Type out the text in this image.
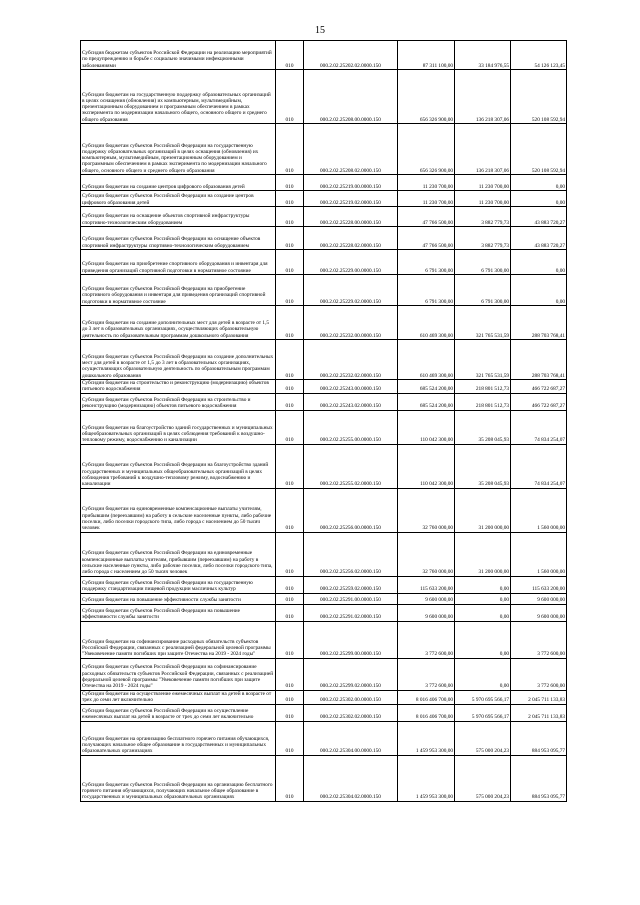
15
Субсидия бюджетам субъектов Российской Федерации на реализацию мероприятий по предупреждению и борьбе с социально значимыми инфекционными заболеваниями	010	000.2.02.25202.02.0000.150	87 311 100,00	33 184 976,55	54 126 123,45
Субсидии бюджетам на государственную поддержку образовательных организаций в целях оснащения (обновления) их компьютерным, мультимедийным, презентационным оборудованием и программным обеспечением в рамках эксперимента по модернизации начального общего, основного общего и среднего общего образования	010	000.2.02.25208.00.0000.150	656 326 900,00	136 218 307,06	520 108 592,94
Субсидии бюджетам субъектов Российской Федерации на государственную поддержку образовательных организаций в целях оснащения (обновления) их компьютерным, мультимедийным, презентационным оборудованием и программным обеспечением в рамках эксперимента по модернизации начального общего, основного общего и среднего общего образования	010	000.2.02.25208.02.0000.150	656 326 900,00	136 218 307,06	520 108 592,94
Субсидии бюджетам на создание центров цифрового образования детей	010	000.2.02.25219.00.0000.150	11 230 700,00	11 230 700,00	0,00
Субсидии бюджетам субъектов Российской Федерации на создание центров цифрового образования детей	010	000.2.02.25219.02.0000.150	11 230 700,00	11 230 700,00	0,00
Субсидии бюджетам на оснащение объектов спортивной инфраструктуры спортивно-технологическим оборудованием	010	000.2.02.25228.00.0000.150	47 766 500,00	3 882 779,73	43 883 720,27
Субсидии бюджетам субъектов Российской Федерации на оснащение объектов спортивной инфраструктуры спортивно-технологическим оборудованием	010	000.2.02.25228.02.0000.150	47 766 500,00	3 882 779,73	43 883 720,27
Субсидии бюджетам на приобретение спортивного оборудования и инвентаря для приведения организаций спортивной подготовки в нормативное состояние	010	000.2.02.25229.00.0000.150	6 791 300,00	6 791 300,00	0,00
Субсидии бюджетам субъектов Российской Федерации на приобретение спортивного оборудования и инвентаря для приведения организаций спортивной подготовки в нормативное состояние	010	000.2.02.25229.02.0000.150	6 791 300,00	6 791 300,00	0,00
Субсидии бюджетам на создание дополнительных мест для детей в возрасте от 1,5 до 3 лет в образовательных организациях, осуществляющих образовательную деятельность по образовательным программам дошкольного образования	010	000.2.02.25232.00.0000.150	610 469 300,00	321 765 531,59	288 703 768,41
Субсидии бюджетам субъектов Российской Федерации на создание дополнительных мест для детей в возрасте от 1,5 до 3 лет в образовательных организациях, осуществляющих образовательную деятельность по образовательным программам дошкольного образования	010	000.2.02.25232.02.0000.150	610 469 300,00	321 765 531,59	288 703 768,41
Субсидии бюджетам на строительство и реконструкцию (модернизацию) объектов питьевого водоснабжения	010	000.2.02.25243.00.0000.150	685 524 200,00	218 801 512,73	466 722 687,27
Субсидии бюджетам субъектов Российской Федерации на строительство и реконструкцию (модернизацию) объектов питьевого водоснабжения	010	000.2.02.25243.02.0000.150	685 524 200,00	218 801 512,73	466 722 687,27
Субсидии бюджетам на благоустройство зданий государственных и муниципальных общеобразовательных организаций в целях соблюдения требований к воздушно-тепловому режиму, водоснабжению и канализации	010	000.2.02.25255.00.0000.150	110 042 300,00	35 208 045,93	74 834 254,07
Субсидии бюджетам субъектов Российской Федерации на благоустройство зданий государственных и муниципальных общеобразовательных организаций в целях соблюдения требований к воздушно-тепловому режиму, водоснабжению и канализации	010	000.2.02.25255.02.0000.150	110 042 300,00	35 208 045,93	74 834 254,07
Субсидии бюджетам на единовременные компенсационные выплаты учителям, прибывшим (переехавшим) на работу в сельские населенные пункты, либо рабочие поселки, либо поселки городского типа, либо города с населением до 50 тысяч человек	010	000.2.02.25256.00.0000.150	32 760 000,00	31 200 000,00	1 560 000,00
Субсидии бюджетам субъектов Российской Федерации на единовременные компенсационные выплаты учителям, прибывшим (переехавшим) на работу в сельские населенные пункты, либо рабочие поселки, либо поселки городского типа, либо города с населением до 50 тысяч человек	010	000.2.02.25256.02.0000.150	32 760 000,00	31 200 000,00	1 560 000,00
Субсидии бюджетам субъектов Российской Федерации на государственную поддержку стандартизации пищевой продукции масличных культур	010	000.2.02.25259.02.0000.150	115 633 200,00	0,00	115 633 200,00
Субсидии бюджетам на повышение эффективности службы занятости	010	000.2.02.25291.00.0000.150	9 600 000,00	0,00	9 600 000,00
Субсидии бюджетам субъектов Российской Федерации на повышение эффективности службы занятости	010	000.2.02.25291.02.0000.150	9 600 000,00	0,00	9 600 000,00
Субсидии бюджетам на софинансирование расходных обязательств субъектов Российской Федерации, связанных с реализацией федеральной целевой программы "Увековечение памяти погибших при защите Отечества на 2019 - 2024 годы"	010	000.2.02.25299.00.0000.150	3 772 600,00	0,00	3 772 600,00
Субсидии бюджетам субъектов Российской Федерации на софинансирование расходных обязательств субъектов Российской Федерации, связанных с реализацией федеральной целевой программы "Увековечение памяти погибших при защите Отечества на 2019 - 2024 годы"	010	000.2.02.25299.02.0000.150	3 772 600,00	0,00	3 772 600,00
Субсидии бюджетам на осуществление ежемесячных выплат на детей в возрасте от трех до семи лет включительно	010	000.2.02.25302.00.0000.150	8 016 406 700,00	5 970 695 566,17	2 045 711 133,83
Субсидии бюджетам субъектов Российской Федерации на осуществление ежемесячных выплат на детей в возрасте от трех до семи лет включительно	010	000.2.02.25302.02.0000.150	8 016 406 700,00	5 970 695 566,17	2 045 711 133,83
Субсидии бюджетам на организацию бесплатного горячего питания обучающихся, получающих начальное общее образование в государственных и муниципальных образовательных организациях	010	000.2.02.25304.00.0000.150	1 459 953 300,00	575 000 204,23	884 953 095,77
Субсидии бюджетам субъектов Российской Федерации на организацию бесплатного горячего питания обучающихся, получающих начальное общее образование в государственных и муниципальных образовательных организациях	010	000.2.02.25304.02.0000.150	1 459 953 300,00	575 000 204,23	884 953 095,77
